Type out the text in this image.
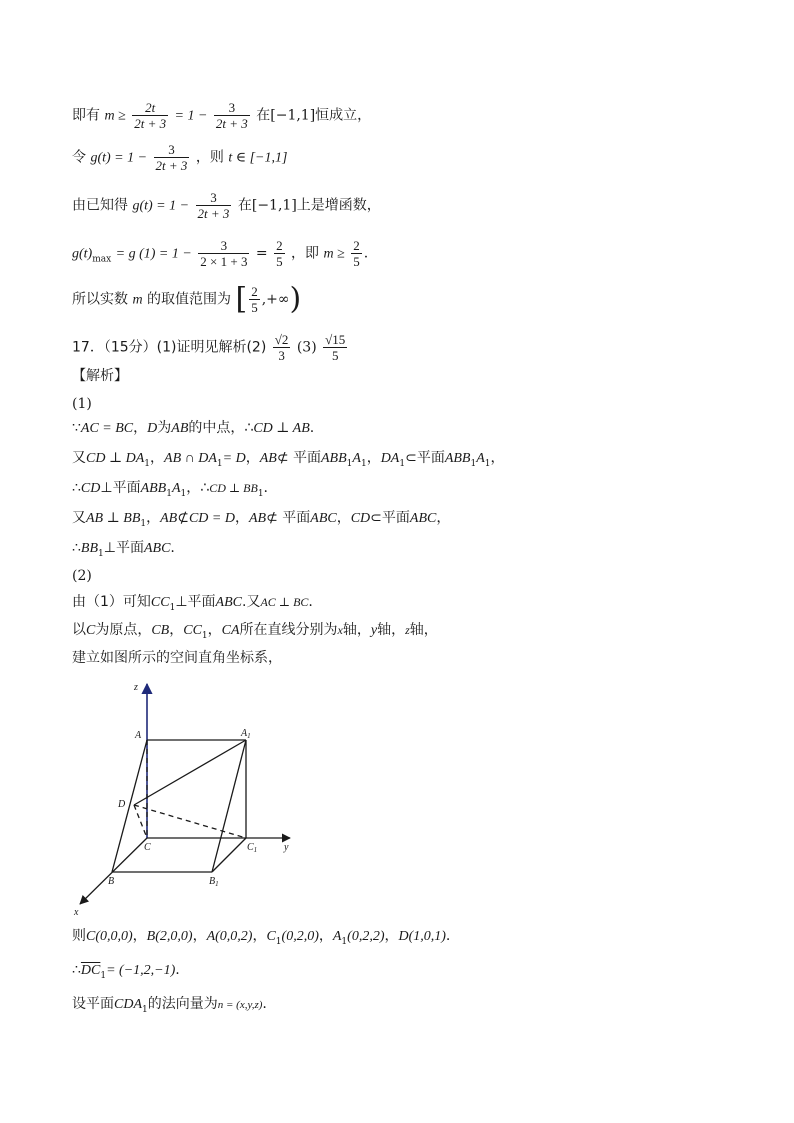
即有 $m \ge \frac{2t}{2t + 3} = 1 - \frac{3}{2t + 3}$ 在[−1,1]恒成立，
令 $g(t) = 1 - \frac{3}{2t + 3}$ ，则 t ∈ [−1,1]
由已知得 $g(t) = 1 - \frac{3}{2t + 3}$ 在[−1,1]上是增函数，
$g(t)_{max} = g$ $(1) = 1 - \frac{3}{2 \times 1 + 3} = \frac{2}{5}$ ，即 $m \ge \frac{2}{5}$ .
所以实数 m 的取值范围为 [ $\frac{2}{5}$ ,+∞)
17．（15分）(1)证明见解析$(2) \frac{√2}{3} (3) \frac{√15}{5}$
【解析】
(1)
∵AC = BC，D为AB的中点，∴CD ⊥ AB.
又CD ⊥ $DA_1$，AB ∩ $DA_1= D$，AB⊄ 平面$ABB_1A_1$，$DA_1\subset$平面$ABB_1A_1$，
∴CD⊥平面$ABB_1A_1$，∴CD ⊥ $BB_1$.
又AB ⊥ $BB_1$，AB⊄CD = D，AB⊄ 平面ABC，CD⊂平面ABC，
$\therefore BB_1\perp$平面ABC.
(2)
由（1）可知$CC_1\perp$平面ABC.又AC ⊥ BC.
以C为原点，CB，$CC_1$，CA所在直线分别为x轴，y轴，z轴，
建立如图所示的空间直角坐标系，
z
A	$A_1$
D
C	$C_1$	y
B	$B_1$
x
则C(0,0,0)，B(2,0,0)，A(0,0,2)，$C_1(0,2,0)$，$A_1(0,2,2)$，D(1,0,1).
$\therefore\overline{DC}_1= (-1,2,-1)$.
设平面$CDA_1$的法向量为n = (x,y,z).
